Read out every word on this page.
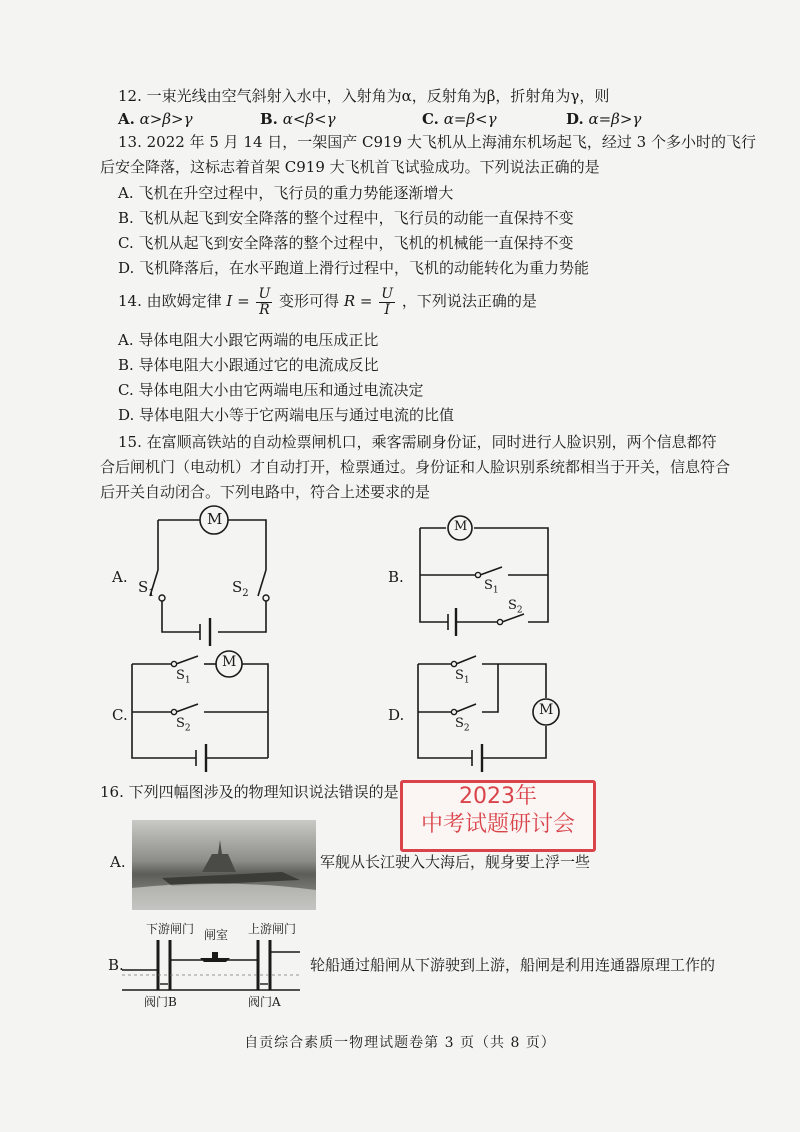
12. 一束光线由空气斜射入水中，入射角为α，反射角为β，折射角为γ，则
A. α>β>γ	B. α<β<γ	C. α=β<γ	D. α=β>γ
13. 2022 年 5 月 14 日，一架国产 C919 大飞机从上海浦东机场起飞，经过 3 个多小时的飞行
后安全降落，这标志着首架 C919 大飞机首飞试验成功。下列说法正确的是
A. 飞机在升空过程中，飞行员的重力势能逐渐增大
B. 飞机从起飞到安全降落的整个过程中，飞行员的动能一直保持不变
C. 飞机从起飞到安全降落的整个过程中，飞机的机械能一直保持不变
D. 飞机降落后，在水平跑道上滑行过程中，飞机的动能转化为重力势能
14. 由欧姆定律 $I = \frac{U}{R}$ 变形可得 $R = \frac{U}{I}$ ，下列说法正确的是
A. 导体电阻大小跟它两端的电压成正比
B. 导体电阻大小跟通过它的电流成反比
C. 导体电阻大小由它两端电压和通过电流决定
D. 导体电阻大小等于它两端电压与通过电流的比值
15. 在富顺高铁站的自动检票闸机口，乘客需刷身份证，同时进行人脸识别，两个信息都符
合后闸机门（电动机）才自动打开，检票通过。身份证和人脸识别系统都相当于开关，信息符合
后开关自动闭合。下列电路中，符合上述要求的是
A.
M
$S_1$	$S_2$
B.
M
$S_1$
$S_2$
C.
M
$S_1$
$S_2$
D.	M
$S_1$
$S_2$
16. 下列四幅图涉及的物理知识说法错误的是	2023年
中考试题研讨会
A.	军舰从长江驶入大海后，舰身要上浮一些
下游闸门 闸室 上游闸门
阀门B	阀门A
B.	轮船通过船闸从下游驶到上游，船闸是利用连通器原理工作的
自贡综合素质一物理试题卷第 3 页（共 8 页）
